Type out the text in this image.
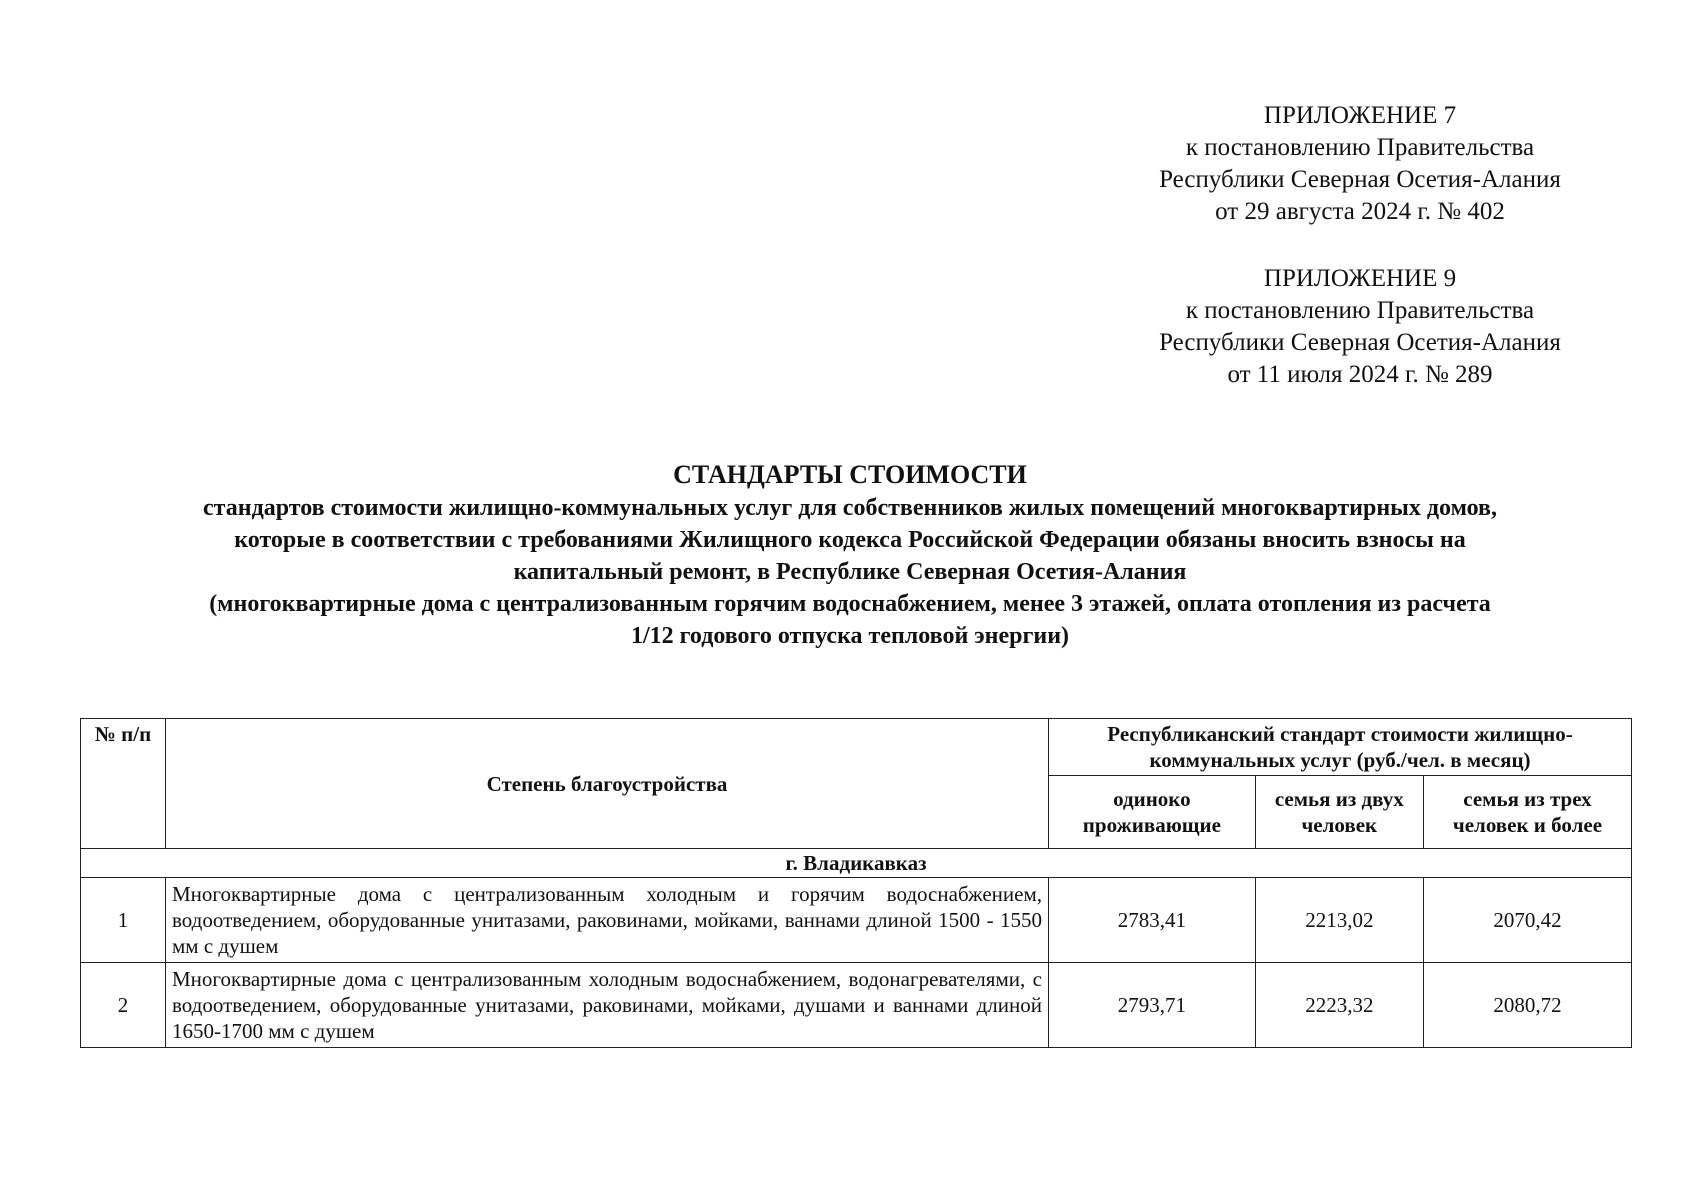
ПРИЛОЖЕНИЕ 7
к постановлению Правительства
Республики Северная Осетия-Алания
от 29 августа 2024 г. № 402
ПРИЛОЖЕНИЕ 9
к постановлению Правительства
Республики Северная Осетия-Алания
от 11 июля 2024 г. № 289
СТАНДАРТЫ СТОИМОСТИ
стандартов стоимости жилищно-коммунальных услуг для собственников жилых помещений многоквартирных домов,
которые в соответствии с требованиями Жилищного кодекса Российской Федерации обязаны вносить взносы на
капитальный ремонт, в Республике Северная Осетия-Алания
(многоквартирные дома с централизованным горячим водоснабжением, менее 3 этажей, оплата отопления из расчета
1/12 годового отпуска тепловой энергии)
№ п/п	Степень благоустройства	Республиканский стандарт стоимости жилищно-коммунальных услуг (руб./чел. в месяц)		
		одиноко проживающие	семья из двух человек	семья из трех человек и более
г. Владикавказ				
1	Многоквартирные дома с централизованным холодным и горячим водоснабжением, водоотведением, оборудованные унитазами, раковинами, мойками, ваннами длиной 1500 - 1550 мм с душем	2783,41	2213,02	2070,42
2	Многоквартирные дома с централизованным холодным водоснабжением, водонагревателями, с водоотведением, оборудованные унитазами, раковинами, мойками, душами и ваннами длиной 1650-1700 мм с душем	2793,71	2223,32	2080,72
